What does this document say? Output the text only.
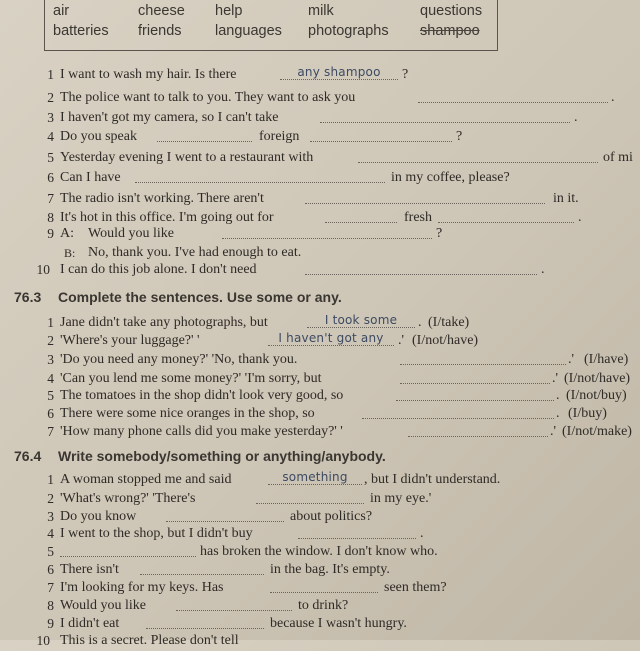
air	cheese help	milk	questions
batteries friends languages photographs shampoo
1 I want to wash my hair. Is there	any shampoo	?
2 The police want to talk to you. They want to ask you	.
3 I haven't got my camera, so I can't take	.
4 Do you speak	foreign	?
5 Yesterday evening I went to a restaurant with	of mi
6 Can I have	in my coffee, please?
7 The radio isn't working. There aren't	in it.
8 It's hot in this office. I'm going out for	fresh	.
9 A: Would you like	?
B: No, thank you. I've had enough to eat.
10 I can do this job alone. I don't need	.
76.3 Complete the sentences. Use some or any.
1 Jane didn't take any photographs, but	I took some	. (I/take)
2 'Where's your luggage?' '	I haven't got any	.' (I/not/have)
3 'Do you need any money?' 'No, thank you.	.' (I/have)
4 'Can you lend me some money?' 'I'm sorry, but	.' (I/not/have)
5 The tomatoes in the shop didn't look very good, so	. (I/not/buy)
6 There were some nice oranges in the shop, so	. (I/buy)
7 'How many phone calls did you make yesterday?' '	.' (I/not/make)
76.4 Write somebody/something or anything/anybody.
1 A woman stopped me and said	something	, but I didn't understand.
2 'What's wrong?' 'There's	in my eye.'
3 Do you know	about politics?
4 I went to the shop, but I didn't buy	.
5	has broken the window. I don't know who.
6 There isn't	in the bag. It's empty.
7 I'm looking for my keys. Has	seen them?
8 Would you like	to drink?
9 I didn't eat	because I wasn't hungry.
10 This is a secret. Please don't tell
